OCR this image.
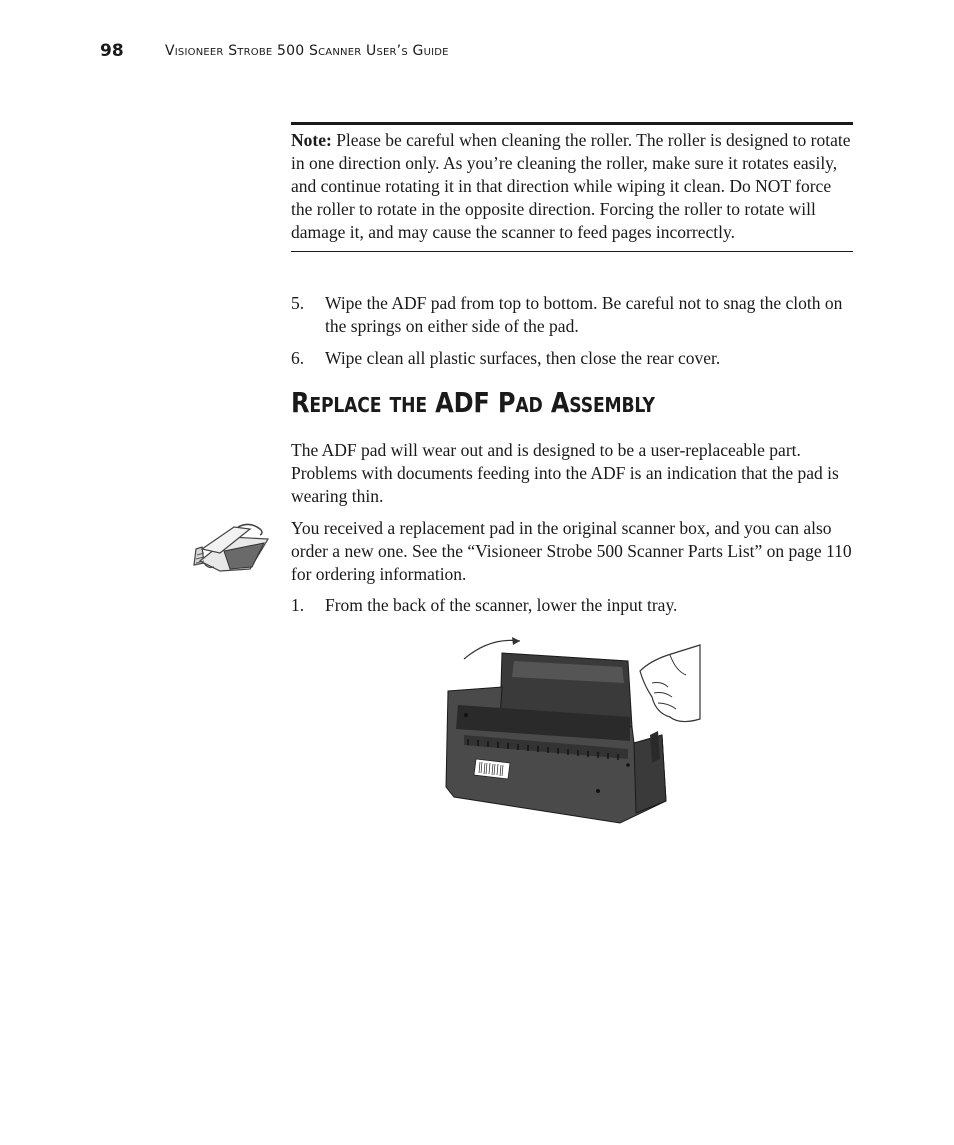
98	Visioneer Strobe 500 Scanner User’s Guide
Note: Please be careful when cleaning the roller. The roller is designed to rotate in one direction only. As you’re cleaning the roller, make sure it rotates easily, and continue rotating it in that direction while wiping it clean. Do NOT force the roller to rotate in the opposite direction. Forcing the roller to rotate will damage it, and may cause the scanner to feed pages incorrectly.
5. Wipe the ADF pad from top to bottom. Be careful not to snag the cloth on the springs on either side of the pad.
6. Wipe clean all plastic surfaces, then close the rear cover.
Replace the ADF Pad Assembly

The ADF pad will wear out and is designed to be a user-replaceable part. Problems with documents feeding into the ADF is an indication that the pad is wearing thin.

You received a replacement pad in the original scanner box, and you can also order a new one. See the “Visioneer Strobe 500 Scanner Parts List” on page 110 for ordering information.

1. From the back of the scanner, lower the input tray.
